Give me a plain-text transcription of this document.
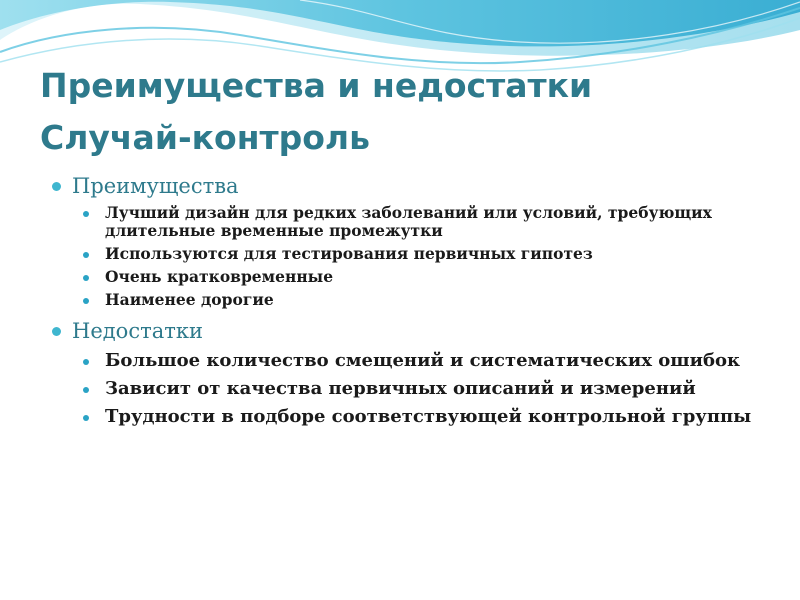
Преимущества и недостатки
Случай-контроль
Преимущества
Лучший дизайн для редких заболеваний или условий, требующих длительные временные промежутки
Используются для тестирования первичных гипотез
Очень кратковременные
Наименее дорогие
Недостатки
Большое количество смещений и систематических ошибок
Зависит от качества первичных описаний и измерений
Трудности в подборе соответствующей контрольной группы
